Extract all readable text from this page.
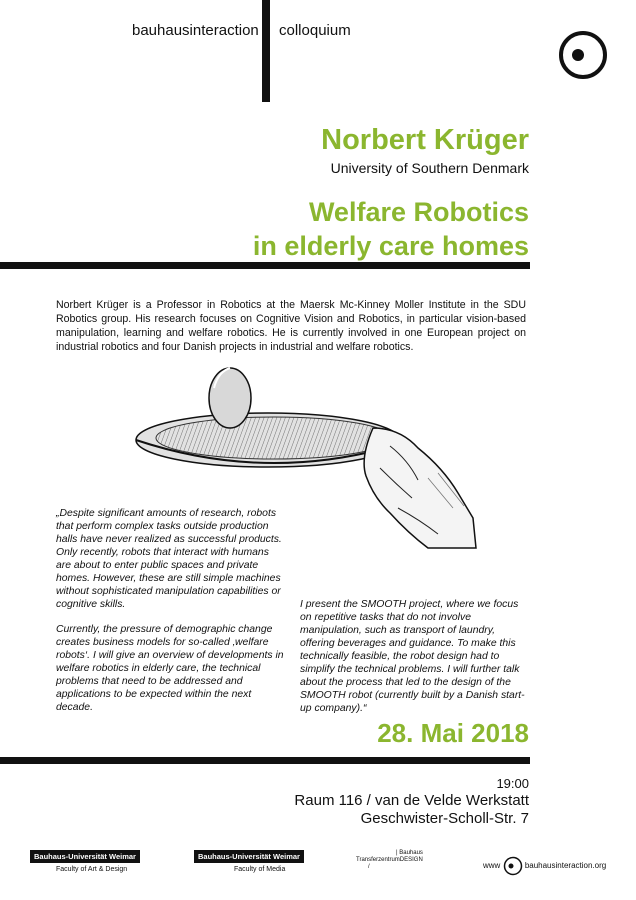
bauhausinteraction colloquium
Norbert Krüger
University of Southern Denmark
Welfare Robotics
in elderly care homes
Norbert Krüger is a Professor in Robotics at the Maersk Mc-Kinney Moller Institute in the SDU Robotics group. His research focuses on Cognitive Vision and Robotics, in particular vision-based manipulation, learning and welfare robotics. He is currently involved in one European project on industrial robotics and four Danish projects in industrial and welfare robotics.

„Despite significant amounts of research, robots that perform complex tasks outside production halls have never realized as successful products. Only recently, robots that interact with humans are about to enter public spaces and private homes. However, these are still simple machines without sophisticated manipulation capabilities or cognitive skills.

Currently, the pressure of demographic change creates business models for so-called ‚welfare robots‘. I will give an overview of developments in welfare robotics in elderly care, the technical problems that need to be addressed and applications to be expected within the next decade.

I present the SMOOTH project, where we focus on repetitive tasks that do not involve manipulation, such as transport of laundry, offering beverages and guidance. To make this technically feasible, the robot design had to simplify the technical problems. I will further talk about the process that led to the design of the SMOOTH robot (currently built by a Danish start-up company).“

28. Mai 2018
19:00
Raum 116 / van de Velde Werkstatt
Geschwister-Scholl-Str. 7
Bauhaus-Universität Weimar
Faculty of Art & Design
Bauhaus-Universität Weimar
Faculty of Media
| Bauhaus
TransferzentrumDESIGN
/	www	bauhausinteraction.org
